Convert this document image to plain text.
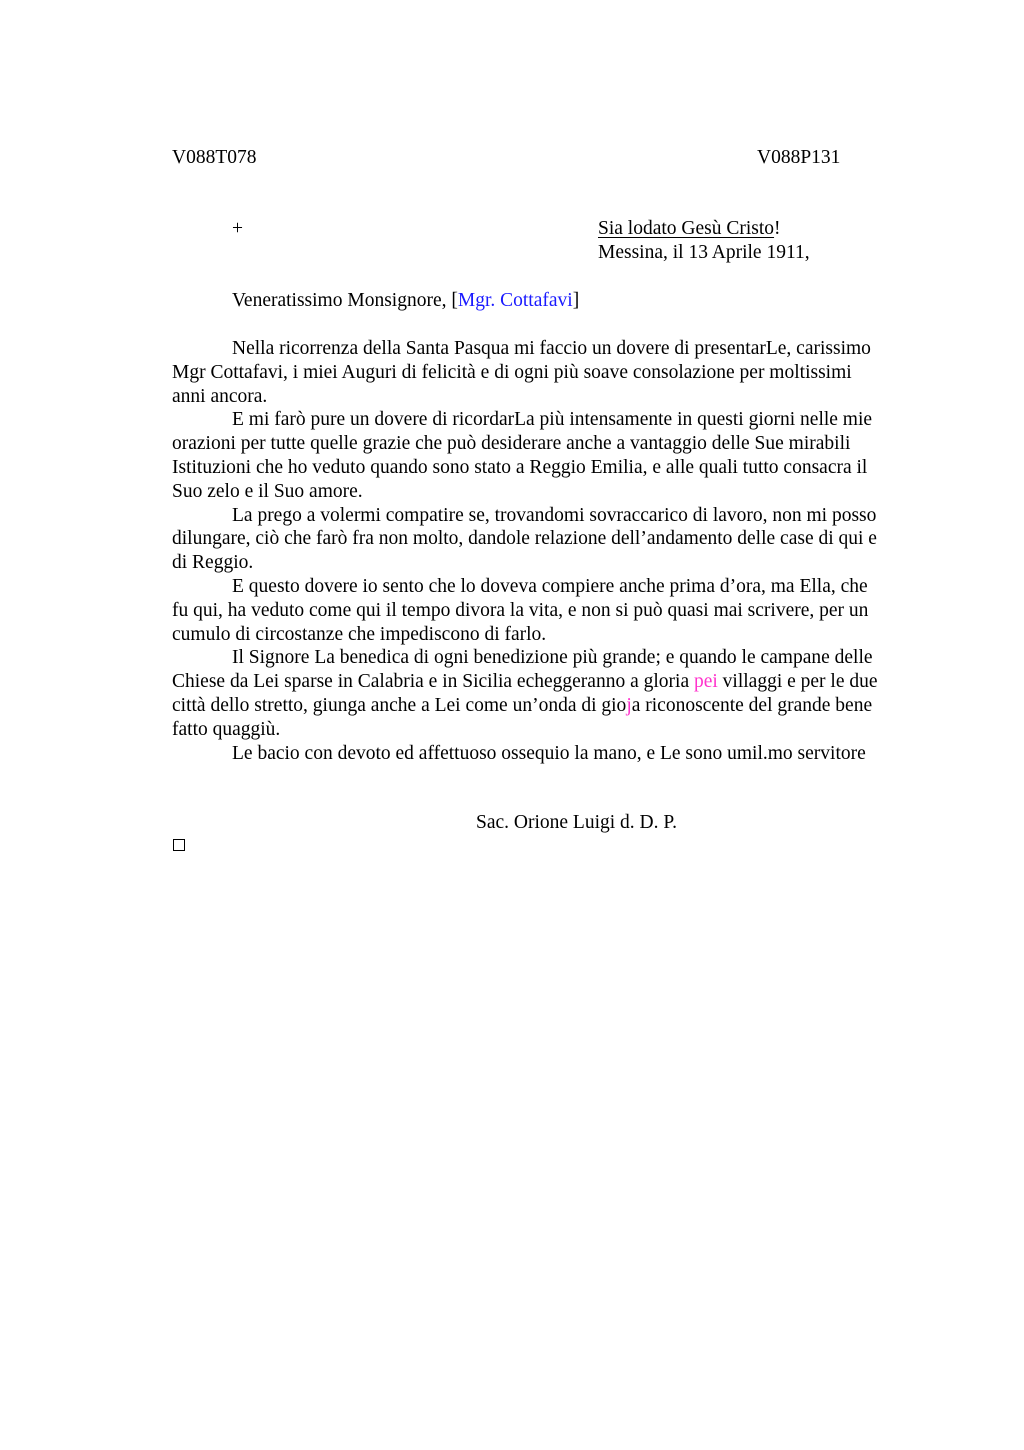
V088T078	V088P131
+	Sia lodato Gesù Cristo!
Messina, il 13 Aprile 1911,
Veneratissimo Monsignore, [Mgr. Cottafavi]

Nella ricorrenza della Santa Pasqua mi faccio un dovere di presentarLe, carissimo
Mgr Cottafavi, i miei Auguri di felicità e di ogni più soave consolazione per moltissimi
anni ancora.

E mi farò pure un dovere di ricordarLa più intensamente in questi giorni nelle mie
orazioni per tutte quelle grazie che può desiderare anche a vantaggio delle Sue mirabili
Istituzioni che ho veduto quando sono stato a Reggio Emilia, e alle quali tutto consacra il
Suo zelo e il Suo amore.

La prego a volermi compatire se, trovandomi sovraccarico di lavoro, non mi posso
dilungare, ciò che farò fra non molto, dandole relazione dell’andamento delle case di qui e
di Reggio.

E questo dovere io sento che lo doveva compiere anche prima d’ora, ma Ella, che
fu qui, ha veduto come qui il tempo divora la vita, e non si può quasi mai scrivere, per un
cumulo di circostanze che impediscono di farlo.

Il Signore La benedica di ogni benedizione più grande; e quando le campane delle
Chiese da Lei sparse in Calabria e in Sicilia echeggeranno a gloria pei villaggi e per le due
città dello stretto, giunga anche a Lei come un’onda di gioja riconoscente del grande bene
fatto quaggiù.

Le bacio con devoto ed affettuoso ossequio la mano, e Le sono umil.mo servitore

Sac. Orione Luigi d. D. P.
